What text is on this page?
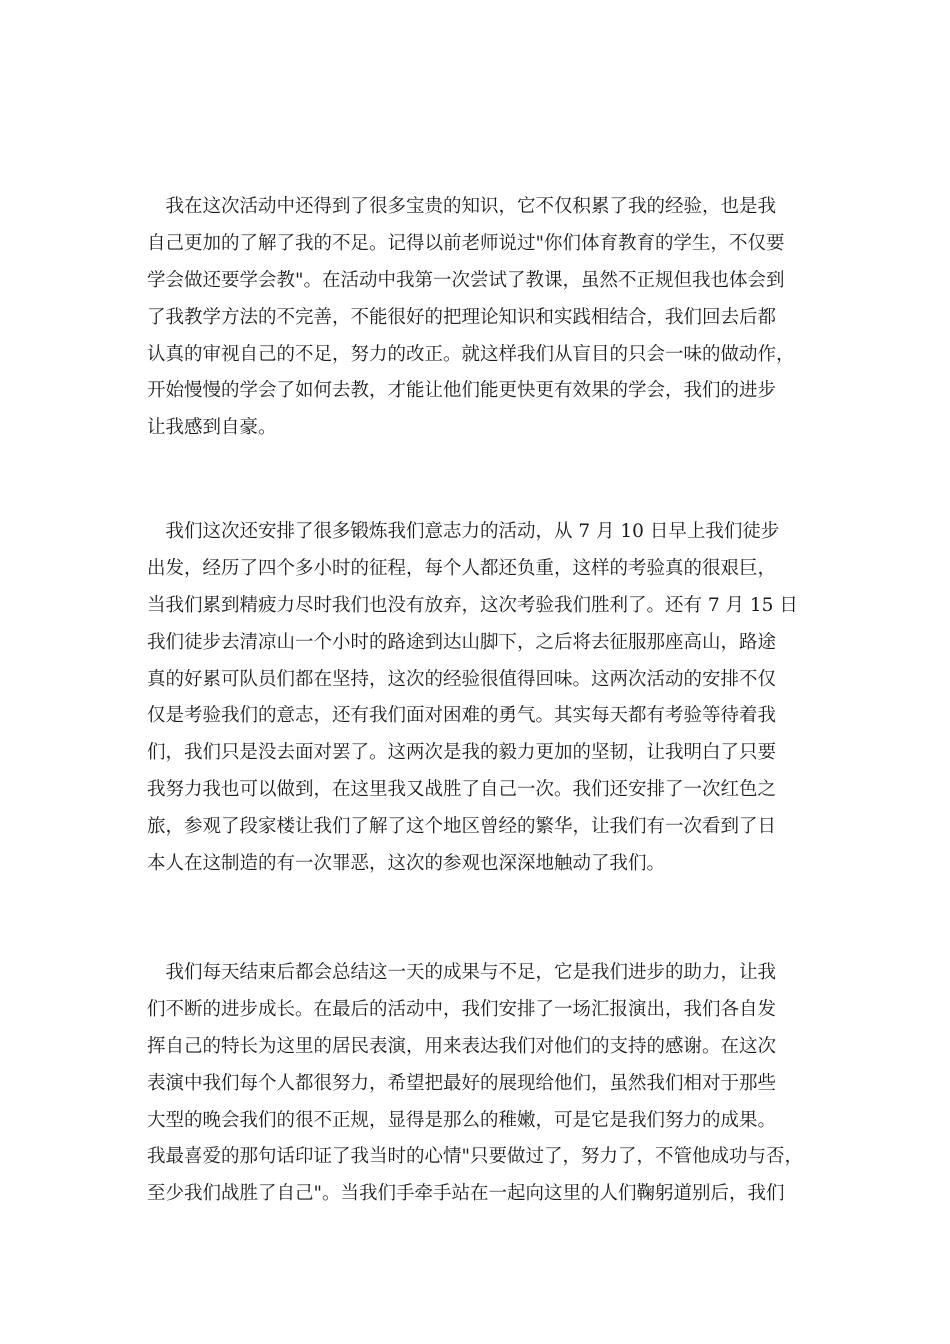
　我在这次活动中还得到了很多宝贵的知识，它不仅积累了我的经验，也是我
自己更加的了解了我的不足。记得以前老师说过"你们体育教育的学生，不仅要
学会做还要学会教"。在活动中我第一次尝试了教课，虽然不正规但我也体会到
了我教学方法的不完善，不能很好的把理论知识和实践相结合，我们回去后都
认真的审视自己的不足，努力的改正。就这样我们从盲目的只会一味的做动作，
开始慢慢的学会了如何去教，才能让他们能更快更有效果的学会，我们的进步
让我感到自豪。
　我们这次还安排了很多锻炼我们意志力的活动，从 7 月 10 日早上我们徒步
出发，经历了四个多小时的征程，每个人都还负重，这样的考验真的很艰巨，
当我们累到精疲力尽时我们也没有放弃，这次考验我们胜利了。还有 7 月 15 日
我们徒步去清凉山一个小时的路途到达山脚下，之后将去征服那座高山，路途
真的好累可队员们都在坚持，这次的经验很值得回味。这两次活动的安排不仅
仅是考验我们的意志，还有我们面对困难的勇气。其实每天都有考验等待着我
们，我们只是没去面对罢了。这两次是我的毅力更加的坚韧，让我明白了只要
我努力我也可以做到，在这里我又战胜了自己一次。我们还安排了一次红色之
旅，参观了段家楼让我们了解了这个地区曾经的繁华，让我们有一次看到了日
本人在这制造的有一次罪恶，这次的参观也深深地触动了我们。
　我们每天结束后都会总结这一天的成果与不足，它是我们进步的助力，让我
们不断的进步成长。在最后的活动中，我们安排了一场汇报演出，我们各自发
挥自己的特长为这里的居民表演，用来表达我们对他们的支持的感谢。在这次
表演中我们每个人都很努力，希望把最好的展现给他们，虽然我们相对于那些
大型的晚会我们的很不正规，显得是那么的稚嫩，可是它是我们努力的成果。
我最喜爱的那句话印证了我当时的心情"只要做过了，努力了，不管他成功与否，
至少我们战胜了自己"。当我们手牵手站在一起向这里的人们鞠躬道别后，我们
